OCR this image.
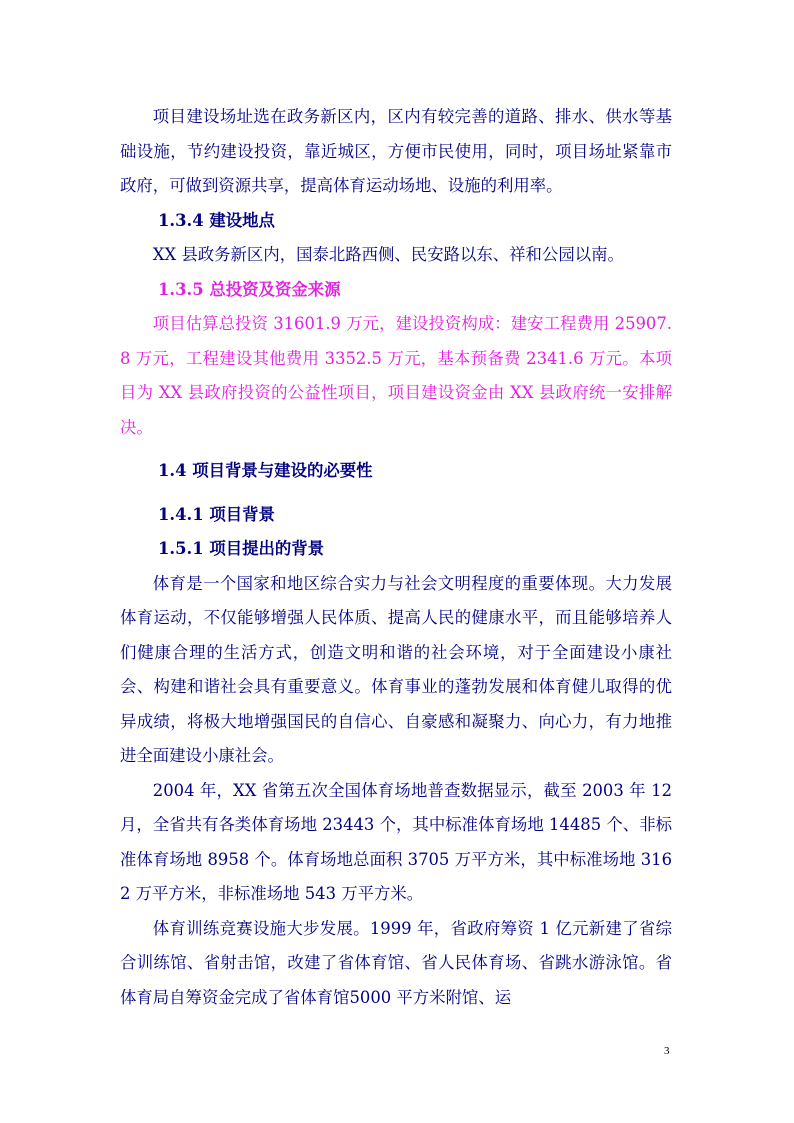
项目建设场址选在政务新区内，区内有较完善的道路、排水、供水等基础设施，节约建设投资，靠近城区，方便市民使用，同时，项目场址紧靠市政府，可做到资源共享，提高体育运动场地、设施的利用率。

1.3.4 建设地点

XX 县政务新区内，国泰北路西侧、民安路以东、祥和公园以南。

1.3.5 总投资及资金来源

项目估算总投资 31601.9 万元，建设投资构成：建安工程费用 25907.8 万元，工程建设其他费用 3352.5 万元，基本预备费 2341.6 万元。本项目为 XX 县政府投资的公益性项目，项目建设资金由 XX 县政府统一安排解决。

1.4 项目背景与建设的必要性

1.4.1 项目背景

1.5.1 项目提出的背景

体育是一个国家和地区综合实力与社会文明程度的重要体现。大力发展体育运动，不仅能够增强人民体质、提高人民的健康水平，而且能够培养人们健康合理的生活方式，创造文明和谐的社会环境，对于全面建设小康社会、构建和谐社会具有重要意义。体育事业的蓬勃发展和体育健儿取得的优异成绩，将极大地增强国民的自信心、自豪感和凝聚力、向心力，有力地推进全面建设小康社会。

2004 年，XX 省第五次全国体育场地普查数据显示，截至 2003 年 12 月，全省共有各类体育场地 23443 个，其中标准体育场地 14485 个、非标准体育场地 8958 个。体育场地总面积 3705 万平方米，其中标准场地 3162 万平方米，非标准场地 543 万平方米。

体育训练竞赛设施大步发展。1999 年，省政府筹资 1 亿元新建了省综合训练馆、省射击馆，改建了省体育馆、省人民体育场、省跳水游泳馆。省体育局自筹资金完成了省体育馆5000 平方米附馆、运

3
